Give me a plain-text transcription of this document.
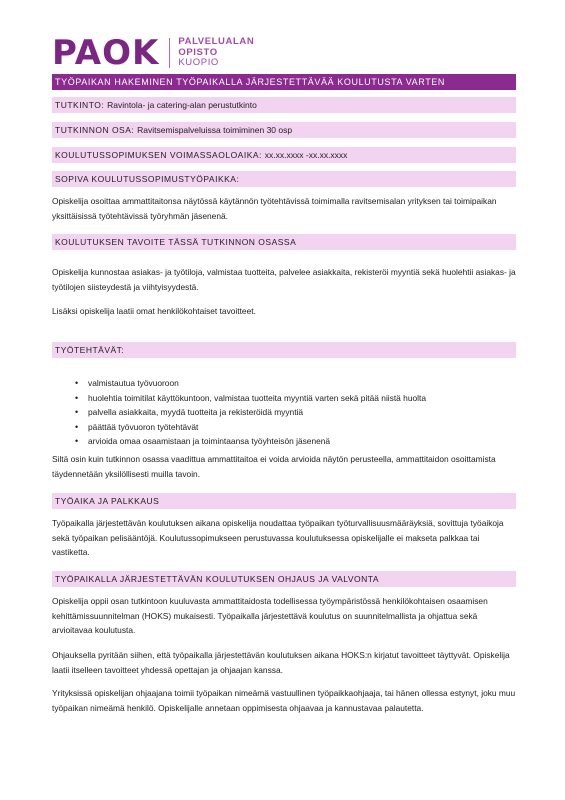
PAOK PALVELUALAN
OPISTO
KUOPIO
TYÖPAIKAN HAKEMINEN TYÖPAIKALLA JÄRJESTETTÄVÄÄ KOULUTUSTA VARTEN
TUTKINTO: Ravintola- ja catering-alan perustutkinto
TUTKINNON OSA: Ravitsemispalveluissa toimiminen 30 osp
KOULUTUSSOPIMUKSEN VOIMASSAOLOAIKA: xx.xx.xxxx -xx.xx.xxxx
SOPIVA KOULUTUSSOPIMUSTYÖPAIKKA:

Opiskelija osoittaa ammattitaitonsa näytössä käytännön työtehtävissä toimimalla ravitsemisalan yrityksen tai toimipaikan yksittäisissä työtehtävissä työryhmän jäsenenä.

KOULUTUKSEN TAVOITE TÄSSÄ TUTKINNON OSASSA

Opiskelija kunnostaa asiakas- ja työtiloja, valmistaa tuotteita, palvelee asiakkaita, rekisteröi myyntiä sekä huolehtii asiakas- ja työtilojen siisteydestä ja viihtyisyydestä.

Lisäksi opiskelija laatii omat henkilökohtaiset tavoitteet.

TYÖTEHTÄVÄT:
• valmistautua työvuoroon
• huolehtia toimitilat käyttökuntoon, valmistaa tuotteita myyntiä varten sekä pitää niistä huolta
• palvella asiakkaita, myydä tuotteita ja rekisteröidä myyntiä
• päättää työvuoron työtehtävät
• arvioida omaa osaamistaan ja toimintaansa työyhteisön jäsenenä

Siltä osin kuin tutkinnon osassa vaadittua ammattitaitoa ei voida arvioida näytön perusteella, ammattitaidon osoittamista täydennetään yksilöllisesti muilla tavoin.

TYÖAIKA JA PALKKAUS

Työpaikalla järjestettävän koulutuksen aikana opiskelija noudattaa työpaikan työturvallisuusmääräyksiä, sovittuja työaikoja sekä työpaikan pelisääntöjä. Koulutussopimukseen perustuvassa koulutuksessa opiskelijalle ei makseta palkkaa tai vastiketta.

TYÖPAIKALLA JÄRJESTETTÄVÄN KOULUTUKSEN OHJAUS JA VALVONTA

Opiskelija oppii osan tutkintoon kuuluvasta ammattitaidosta todellisessa työympäristössä henkilökohtaisen osaamisen kehittämissuunnitelman (HOKS) mukaisesti. Työpaikalla järjestettävä koulutus on suunnitelmallista ja ohjattua sekä arvioitavaa koulutusta.

Ohjauksella pyritään siihen, että työpaikalla järjestettävän koulutuksen aikana HOKS:n kirjatut tavoitteet täyttyvät. Opiskelija laatii itselleen tavoitteet yhdessä opettajan ja ohjaajan kanssa.

Yrityksissä opiskelijan ohjaajana toimii työpaikan nimeämä vastuullinen työpaikkaohjaaja, tai hänen ollessa estynyt, joku muu työpaikan nimeämä henkilö. Opiskelijalle annetaan oppimisesta ohjaavaa ja kannustavaa palautetta.
